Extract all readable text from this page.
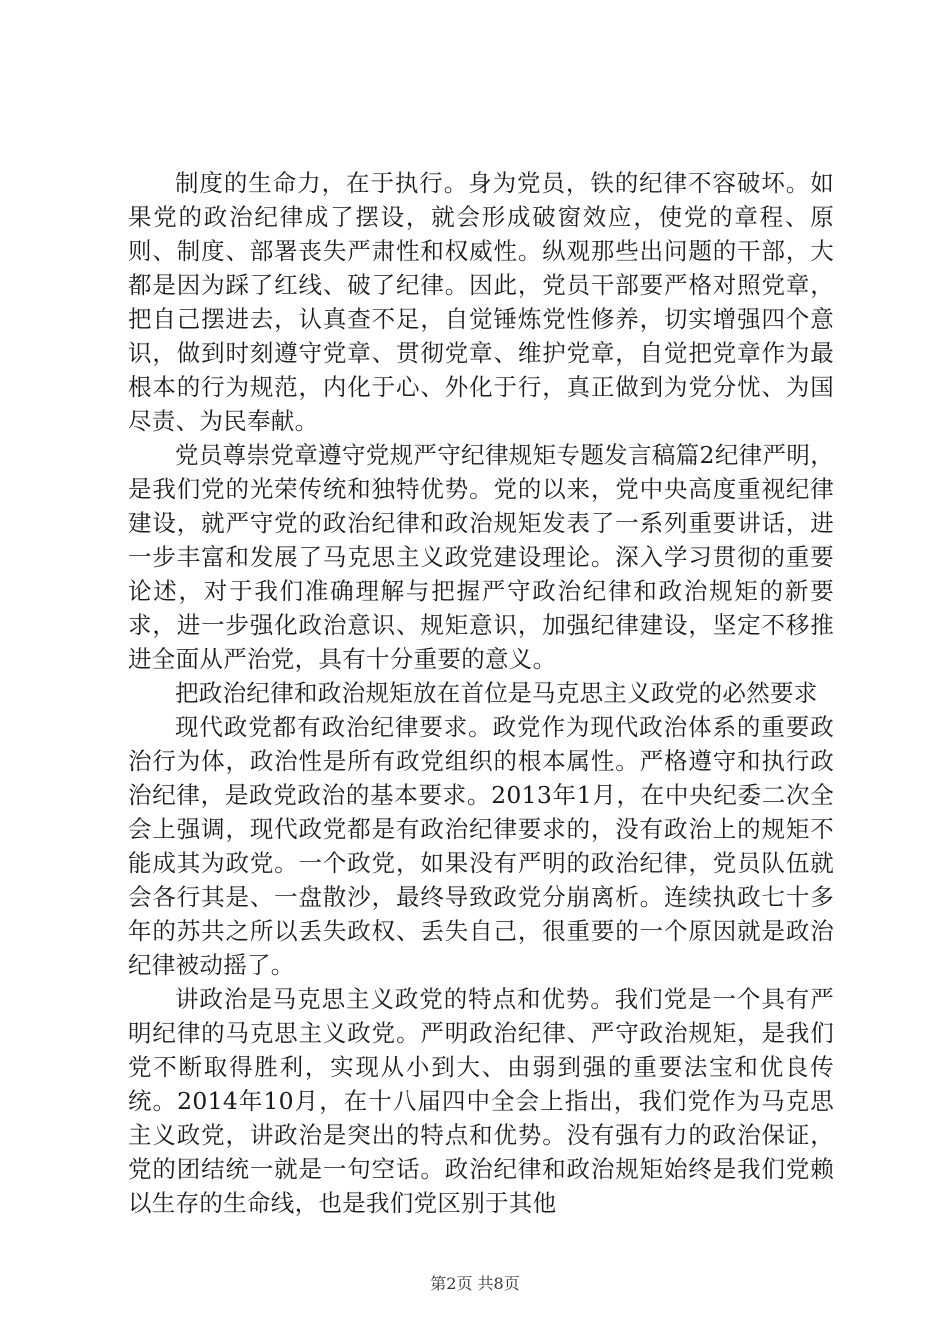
制度的生命力，在于执行。身为党员，铁的纪律不容破坏。如果党的政治纪律成了摆设，就会形成破窗效应，使党的章程、原则、制度、部署丧失严肃性和权威性。纵观那些出问题的干部，大都是因为踩了红线、破了纪律。因此，党员干部要严格对照党章，把自己摆进去，认真查不足，自觉锤炼党性修养，切实增强四个意识，做到时刻遵守党章、贯彻党章、维护党章，自觉把党章作为最根本的行为规范，内化于心、外化于行，真正做到为党分忧、为国尽责、为民奉献。

党员尊崇党章遵守党规严守纪律规矩专题发言稿篇2纪律严明，是我们党的光荣传统和独特优势。党的以来，党中央高度重视纪律建设，就严守党的政治纪律和政治规矩发表了一系列重要讲话，进一步丰富和发展了马克思主义政党建设理论。深入学习贯彻的重要论述，对于我们准确理解与把握严守政治纪律和政治规矩的新要求，进一步强化政治意识、规矩意识，加强纪律建设，坚定不移推进全面从严治党，具有十分重要的意义。

把政治纪律和政治规矩放在首位是马克思主义政党的必然要求

现代政党都有政治纪律要求。政党作为现代政治体系的重要政治行为体，政治性是所有政党组织的根本属性。严格遵守和执行政治纪律，是政党政治的基本要求。2013年1月，在中央纪委二次全会上强调，现代政党都是有政治纪律要求的，没有政治上的规矩不能成其为政党。一个政党，如果没有严明的政治纪律，党员队伍就会各行其是、一盘散沙，最终导致政党分崩离析。连续执政七十多年的苏共之所以丢失政权、丢失自己，很重要的一个原因就是政治纪律被动摇了。

讲政治是马克思主义政党的特点和优势。我们党是一个具有严明纪律的马克思主义政党。严明政治纪律、严守政治规矩，是我们党不断取得胜利，实现从小到大、由弱到强的重要法宝和优良传统。2014年10月，在十八届四中全会上指出，我们党作为马克思主义政党，讲政治是突出的特点和优势。没有强有力的政治保证，党的团结统一就是一句空话。政治纪律和政治规矩始终是我们党赖以生存的生命线，也是我们党区别于其他

第2页 共8页
